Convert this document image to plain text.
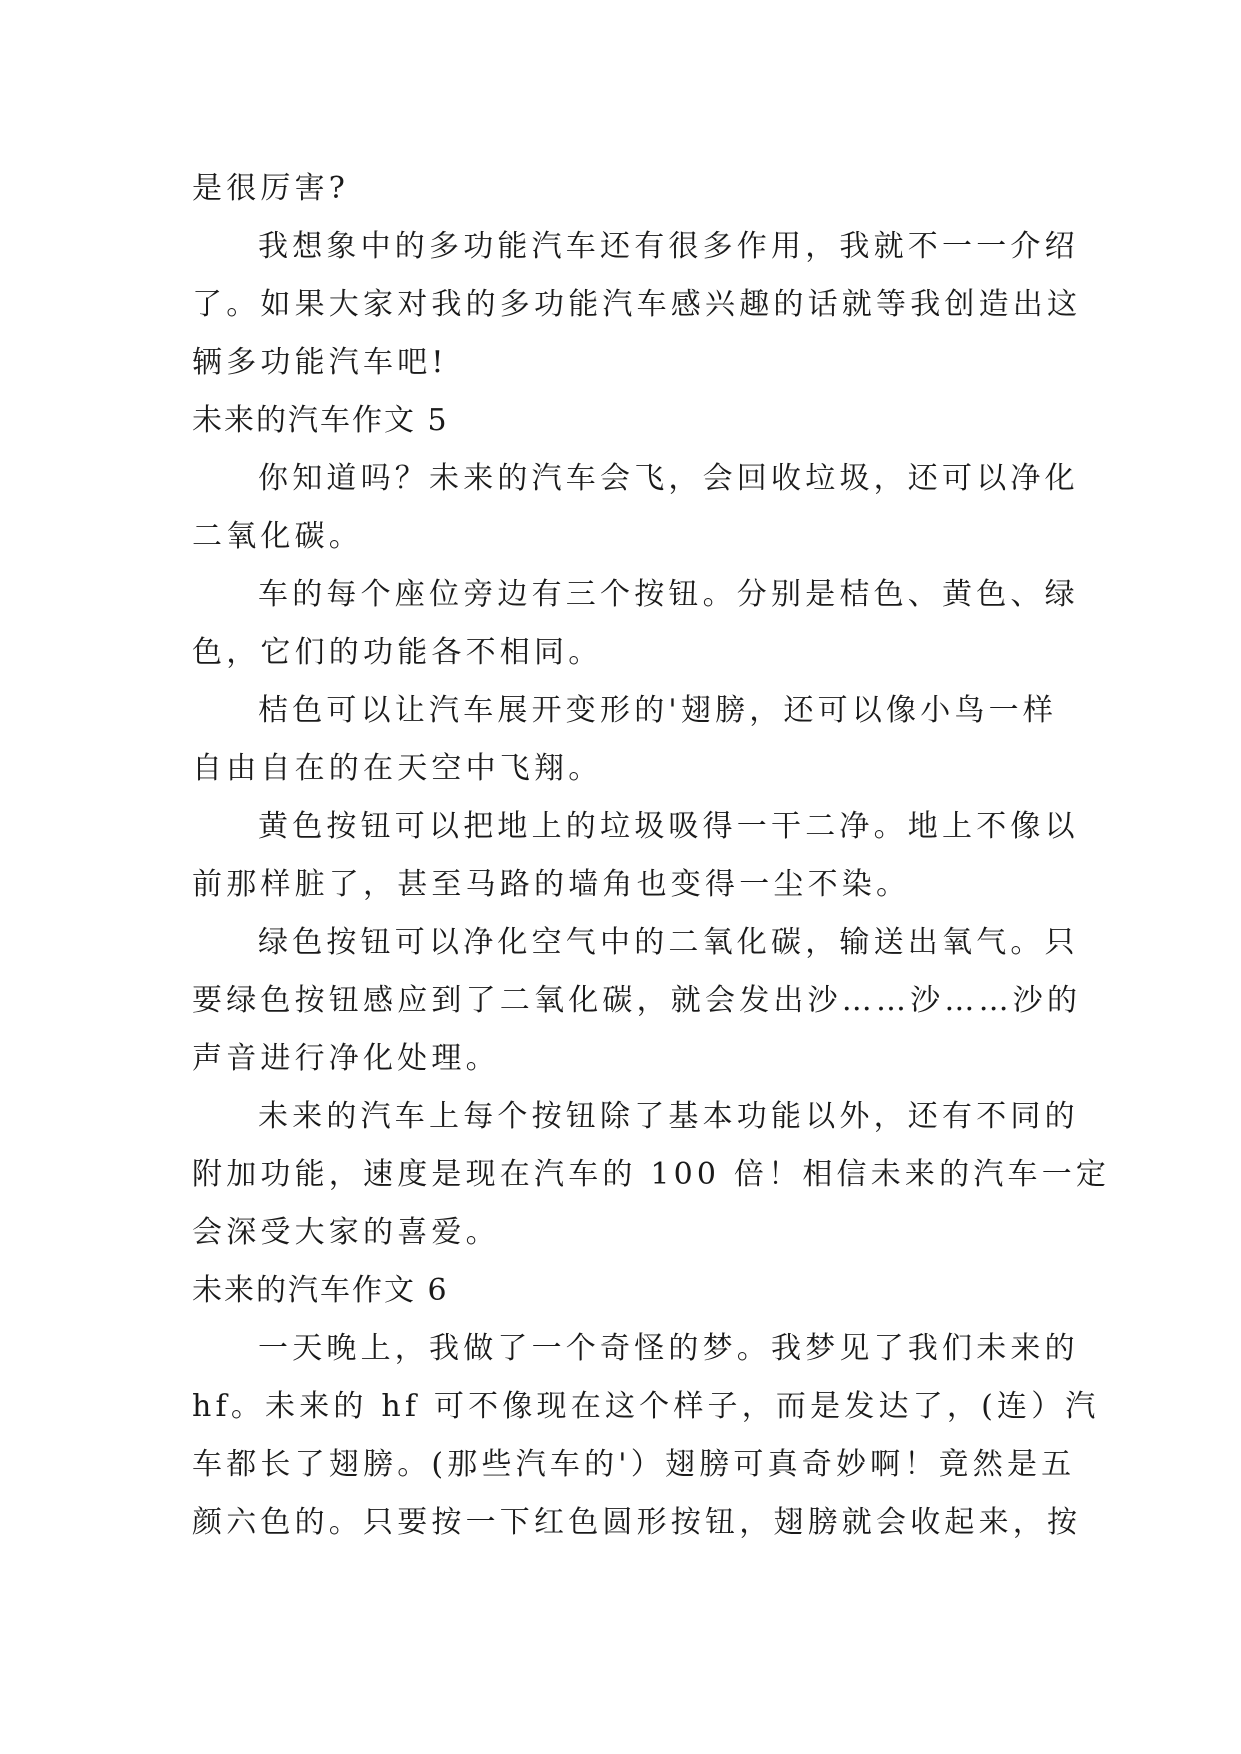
是很厉害?
我想象中的多功能汽车还有很多作用，我就不一一介绍
了。如果大家对我的多功能汽车感兴趣的话就等我创造出这
辆多功能汽车吧!
未来的汽车作文 5
你知道吗？未来的汽车会飞，会回收垃圾，还可以净化
二氧化碳。
车的每个座位旁边有三个按钮。分别是桔色、黄色、绿
色，它们的功能各不相同。
桔色可以让汽车展开变形的'翅膀，还可以像小鸟一样
自由自在的在天空中飞翔。
黄色按钮可以把地上的垃圾吸得一干二净。地上不像以
前那样脏了，甚至马路的墙角也变得一尘不染。
绿色按钮可以净化空气中的二氧化碳，输送出氧气。只
要绿色按钮感应到了二氧化碳，就会发出沙……沙……沙的
声音进行净化处理。
未来的汽车上每个按钮除了基本功能以外，还有不同的
附加功能，速度是现在汽车的 100 倍！相信未来的汽车一定
会深受大家的喜爱。
未来的汽车作文 6
一天晚上，我做了一个奇怪的梦。我梦见了我们未来的
hf。未来的 hf 可不像现在这个样子，而是发达了，(连）汽
车都长了翅膀。(那些汽车的'）翅膀可真奇妙啊！竟然是五
颜六色的。只要按一下红色圆形按钮，翅膀就会收起来，按
